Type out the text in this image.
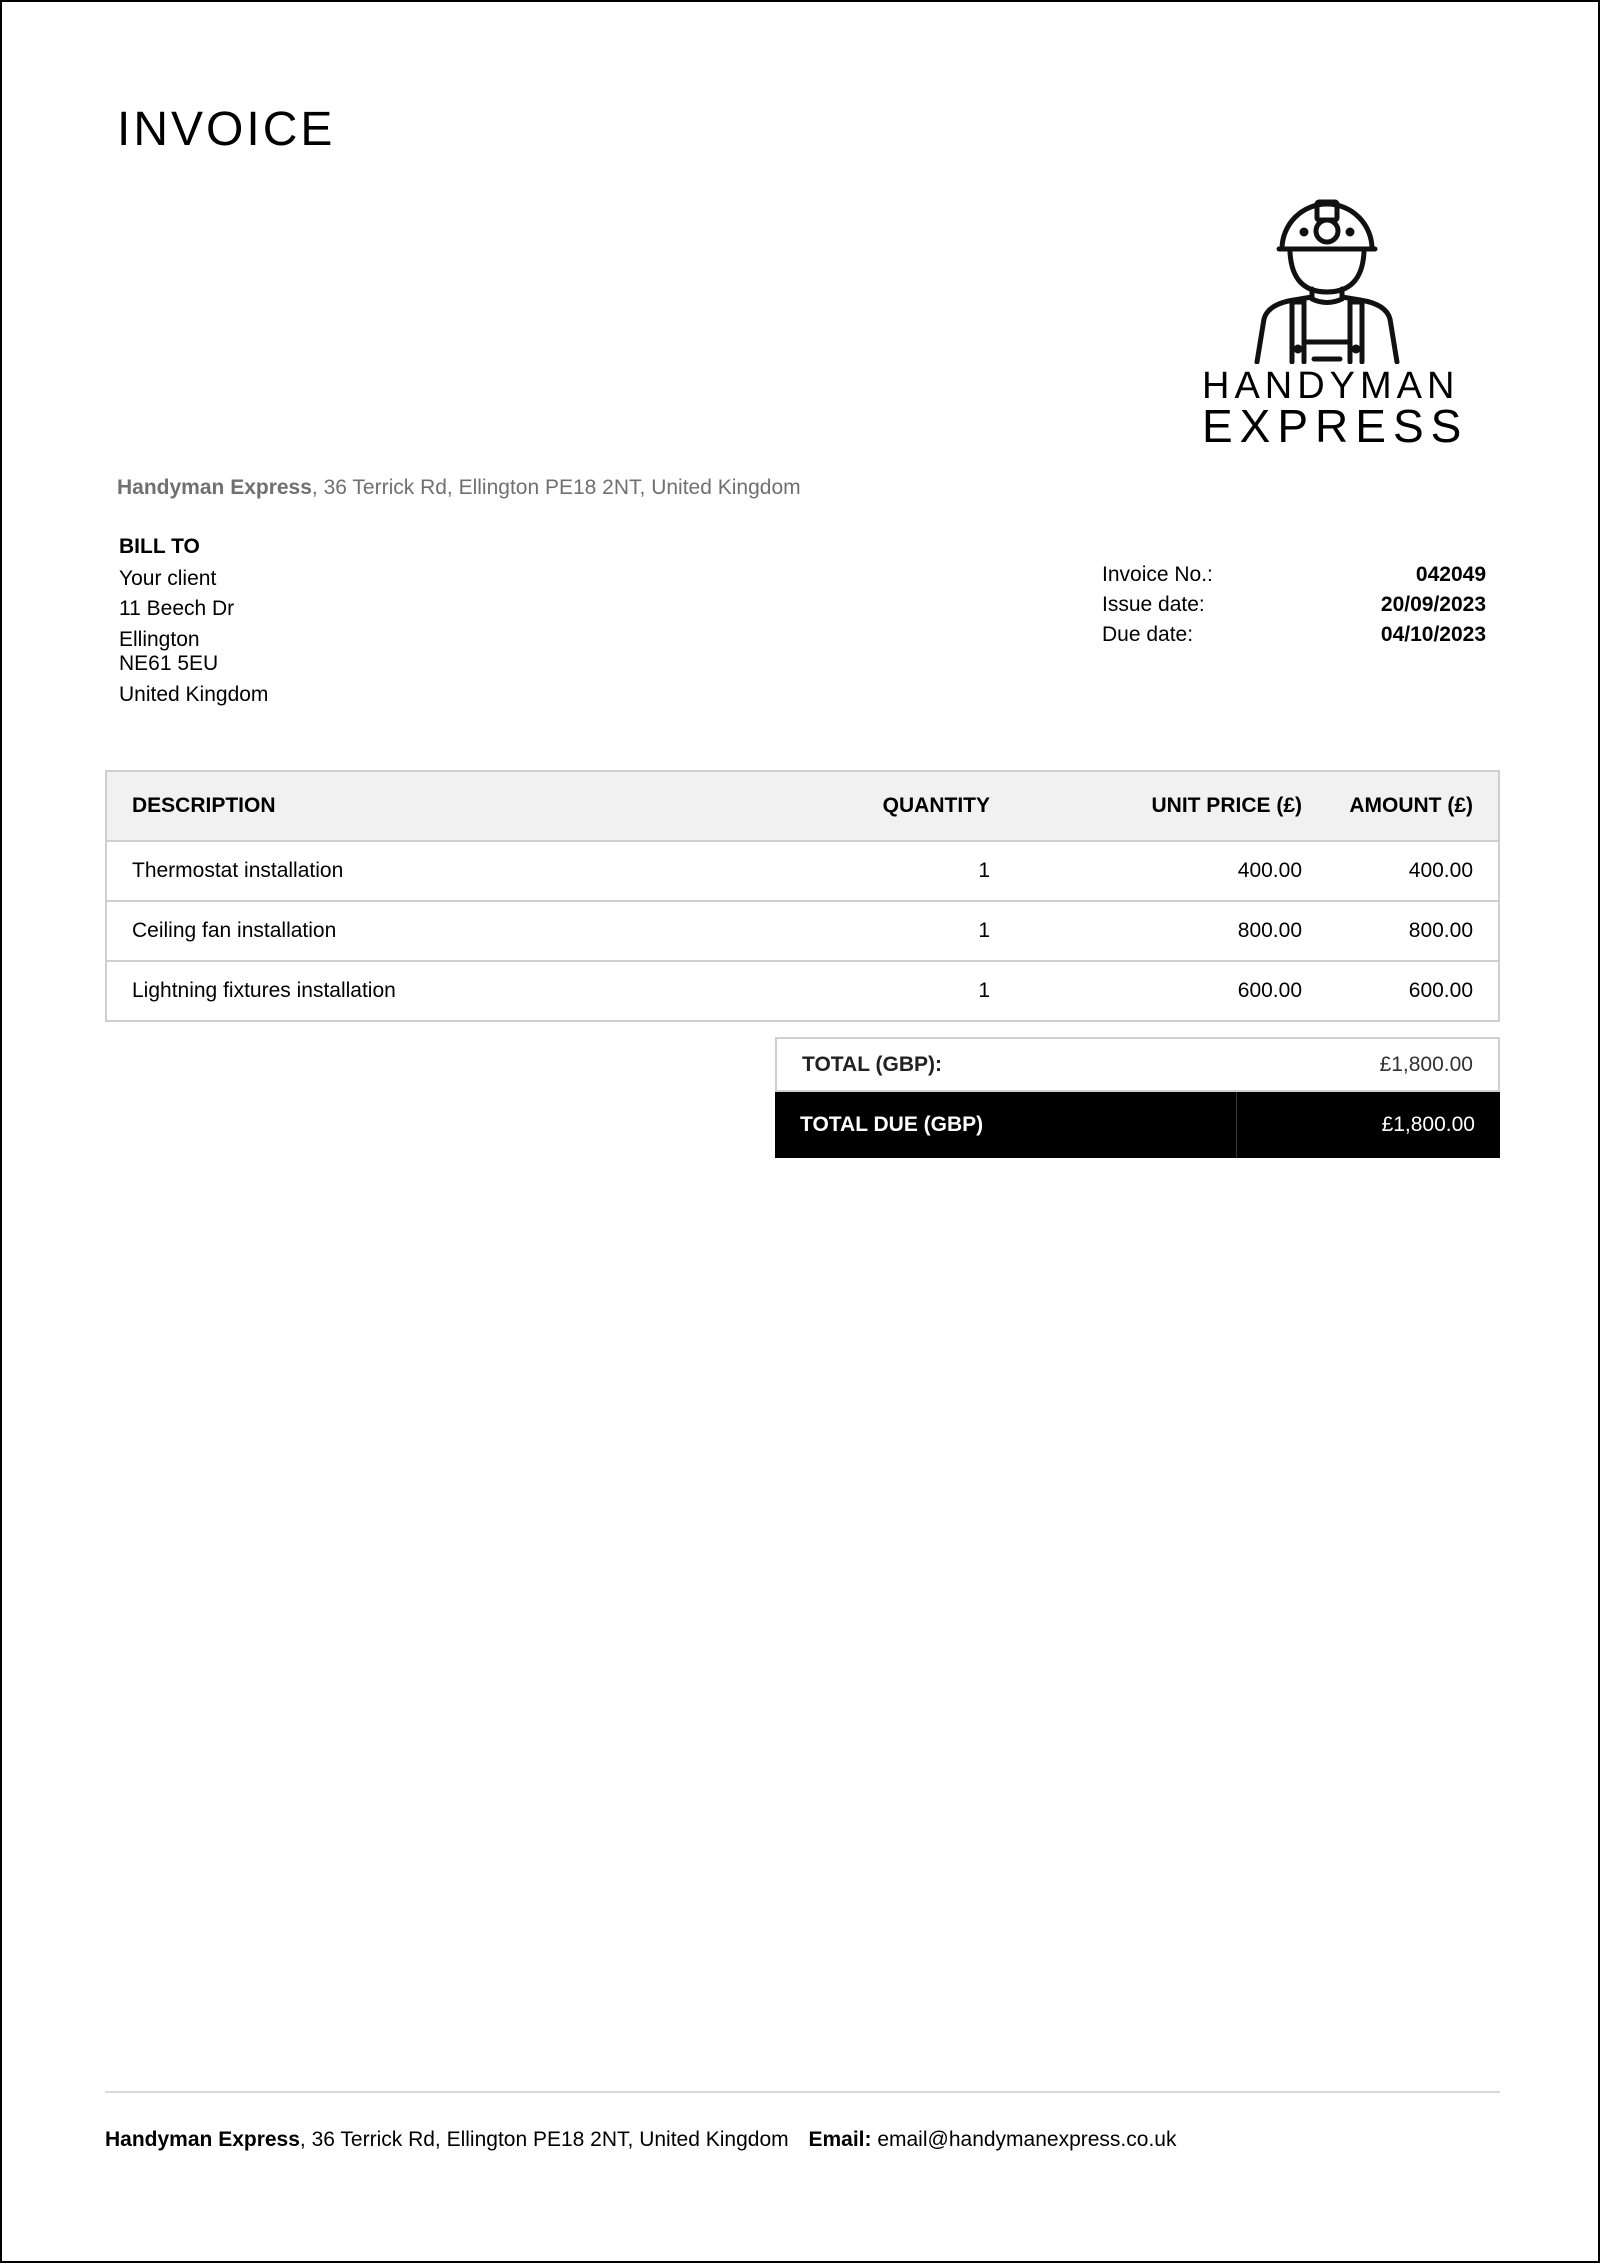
INVOICE
HANDYMAN
EXPRESS
Handyman Express, 36 Terrick Rd, Ellington PE18 2NT, United Kingdom
BILL TO
Your client
11 Beech Dr
Ellington
NE61 5EU
United Kingdom
Invoice No.:	042049
Issue date:	20/09/2023
Due date:	04/10/2023
DESCRIPTION	QUANTITY	UNIT PRICE (£)	AMOUNT (£)
Thermostat installation	1	400.00	400.00
Ceiling fan installation	1	800.00	800.00
Lightning fixtures installation	1	600.00	600.00
TOTAL (GBP):	£1,800.00
TOTAL DUE (GBP)	£1,800.00
Handyman Express, 36 Terrick Rd, Ellington PE18 2NT, United Kingdom Email: email@handymanexpress.co.uk
